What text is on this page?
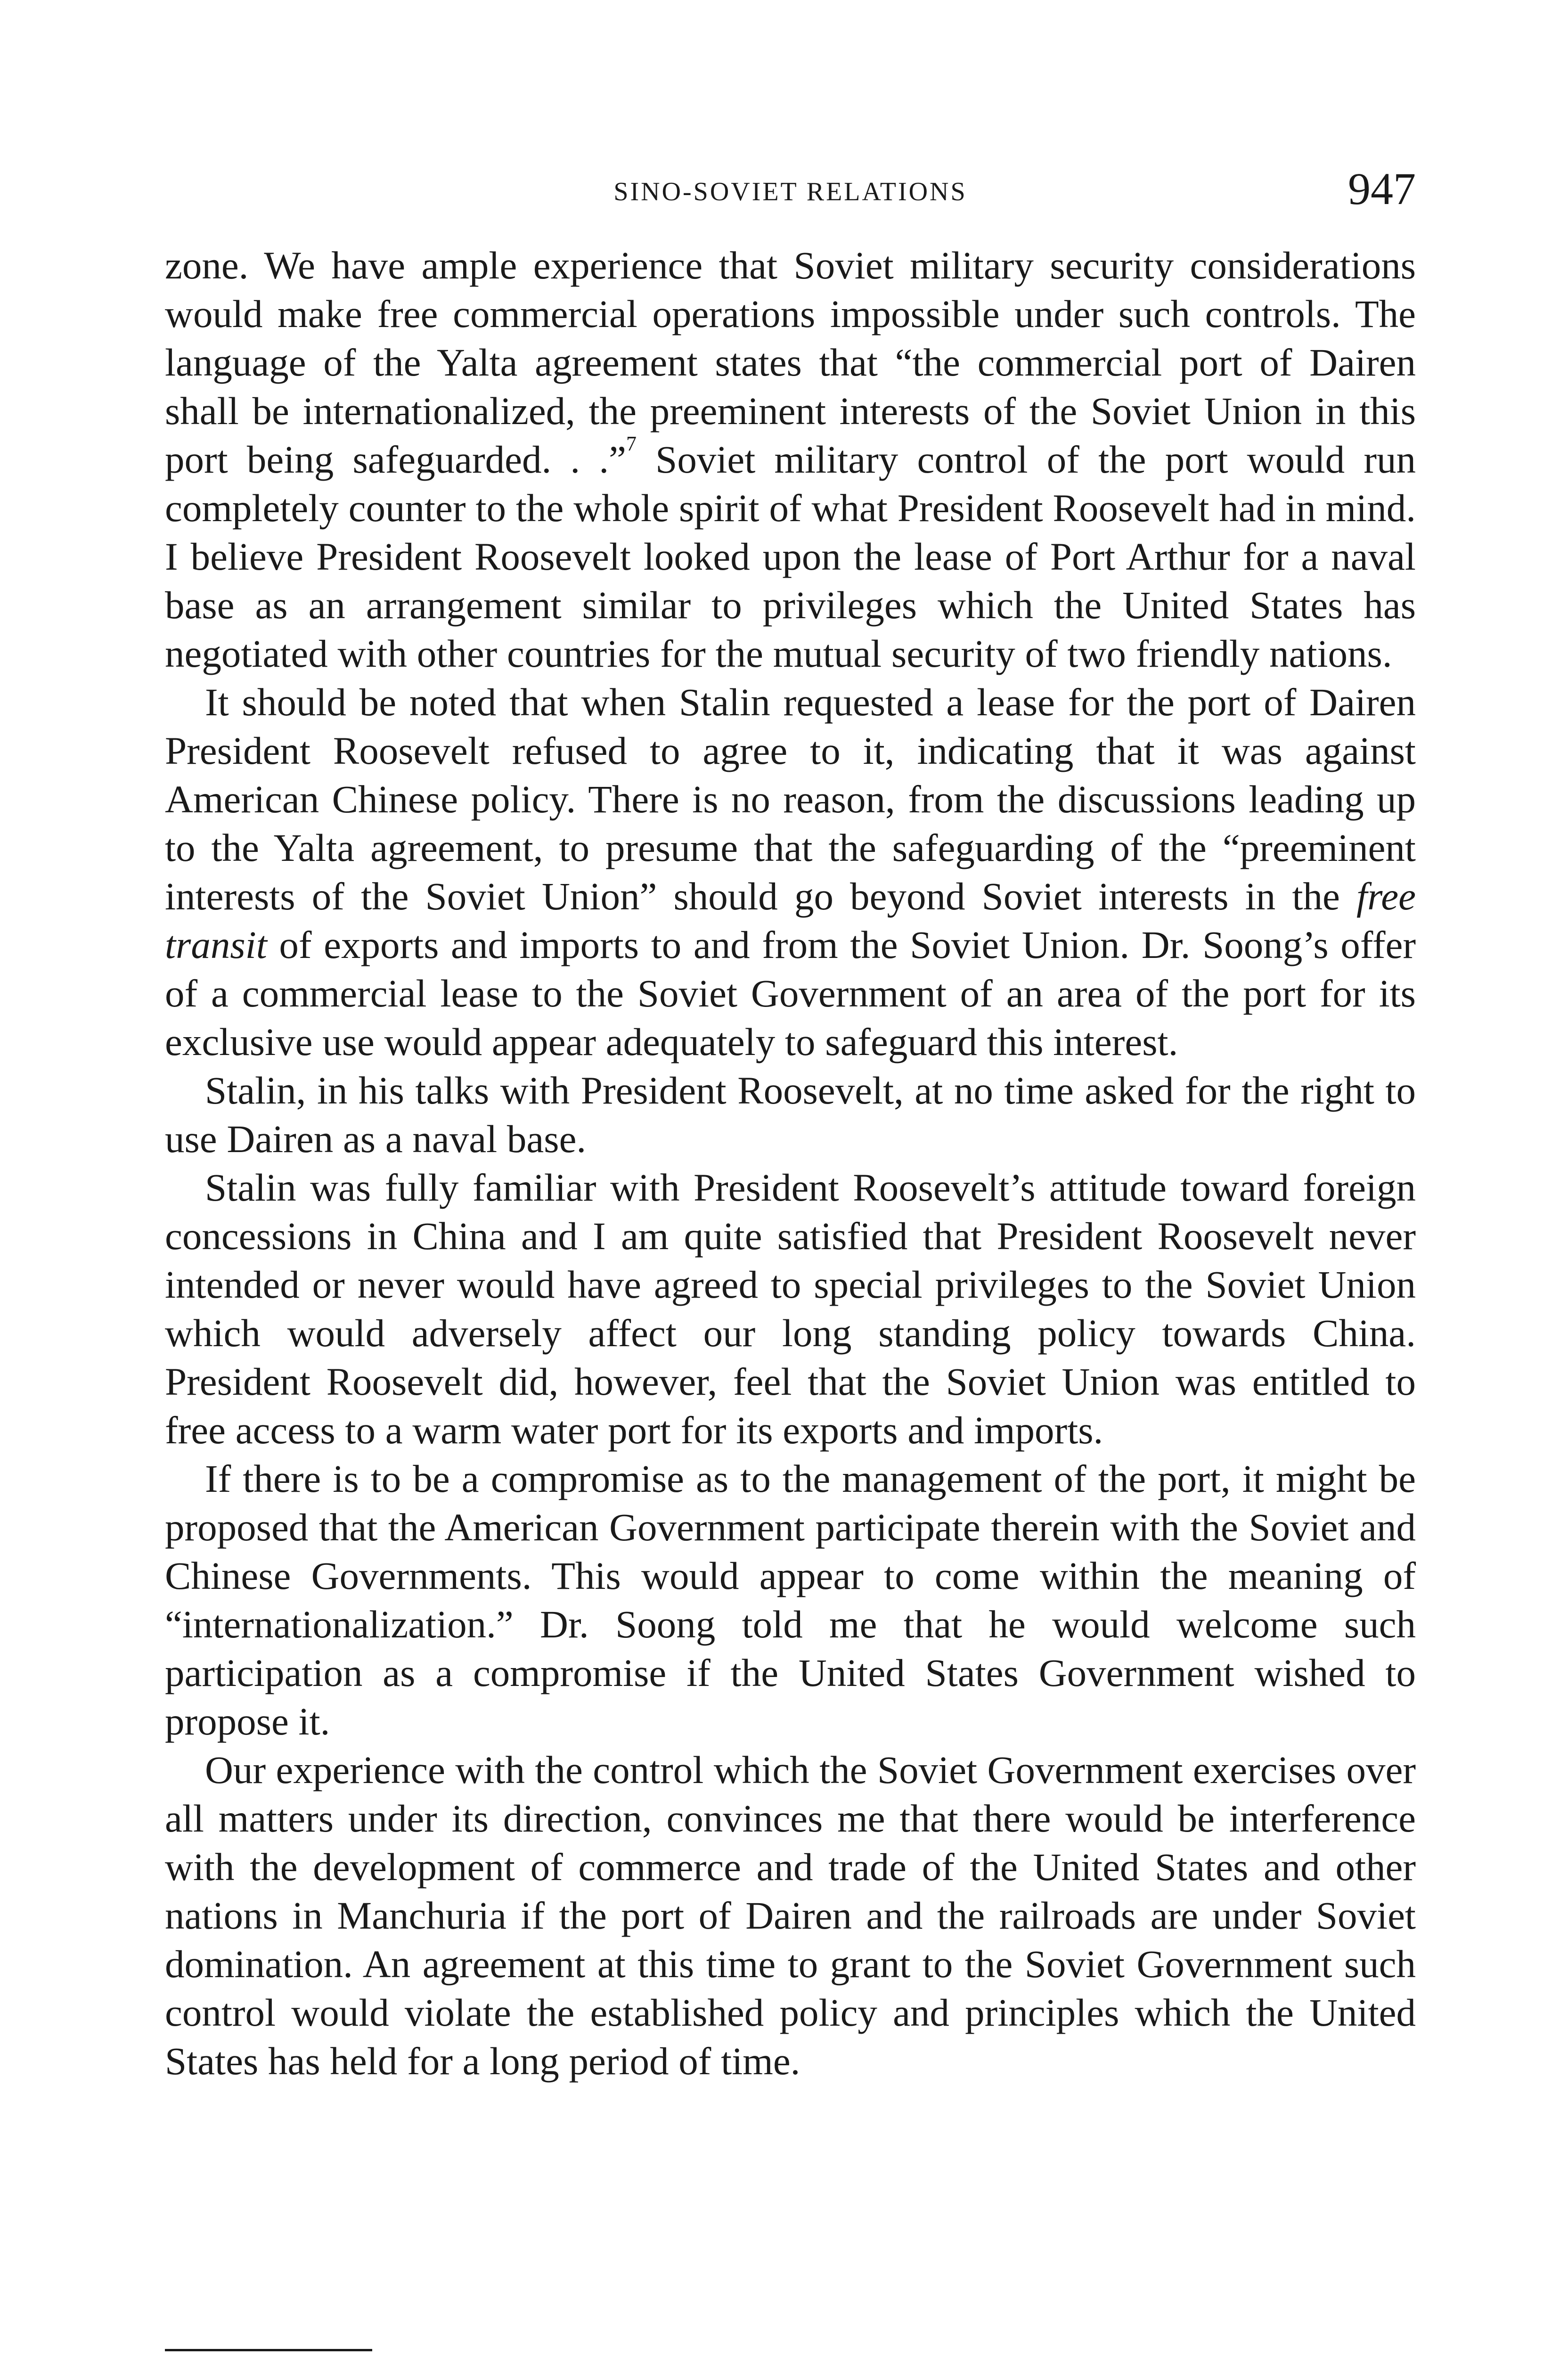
SINO-SOVIET RELATIONS	947

zone. We have ample experience that Soviet military security considerations would make free commercial operations impossible under such controls. The language of the Yalta agreement states that “the commercial port of Dairen shall be internationalized, the preeminent interests of the Soviet Union in this port being safeguarded. . .”$^7$ Soviet military control of the port would run completely counter to the whole spirit of what President Roosevelt had in mind. I believe President Roosevelt looked upon the lease of Port Arthur for a naval base as an arrangement similar to privileges which the United States has negotiated with other countries for the mutual security of two friendly nations.

It should be noted that when Stalin requested a lease for the port of Dairen President Roosevelt refused to agree to it, indicating that it was against American Chinese policy. There is no reason, from the discussions leading up to the Yalta agreement, to presume that the safeguarding of the “preeminent interests of the Soviet Union” should go beyond Soviet interests in the free transit of exports and imports to and from the Soviet Union. Dr. Soong’s offer of a commercial lease to the Soviet Government of an area of the port for its exclusive use would appear adequately to safeguard this interest.

Stalin, in his talks with President Roosevelt, at no time asked for the right to use Dairen as a naval base.

Stalin was fully familiar with President Roosevelt’s attitude toward foreign concessions in China and I am quite satisfied that President Roosevelt never intended or never would have agreed to special privileges to the Soviet Union which would adversely affect our long standing policy towards China. President Roosevelt did, however, feel that the Soviet Union was entitled to free access to a warm water port for its exports and imports.

If there is to be a compromise as to the management of the port, it might be proposed that the American Government participate therein with the Soviet and Chinese Governments. This would appear to come within the meaning of “internationalization.” Dr. Soong told me that he would welcome such participation as a compromise if the United States Government wished to propose it.

Our experience with the control which the Soviet Government exercises over all matters under its direction, convinces me that there would be interference with the development of commerce and trade of the United States and other nations in Manchuria if the port of Dairen and the railroads are under Soviet domination. An agreement at this time to grant to the Soviet Government such control would violate the established policy and principles which the United States has held for a long period of time.
